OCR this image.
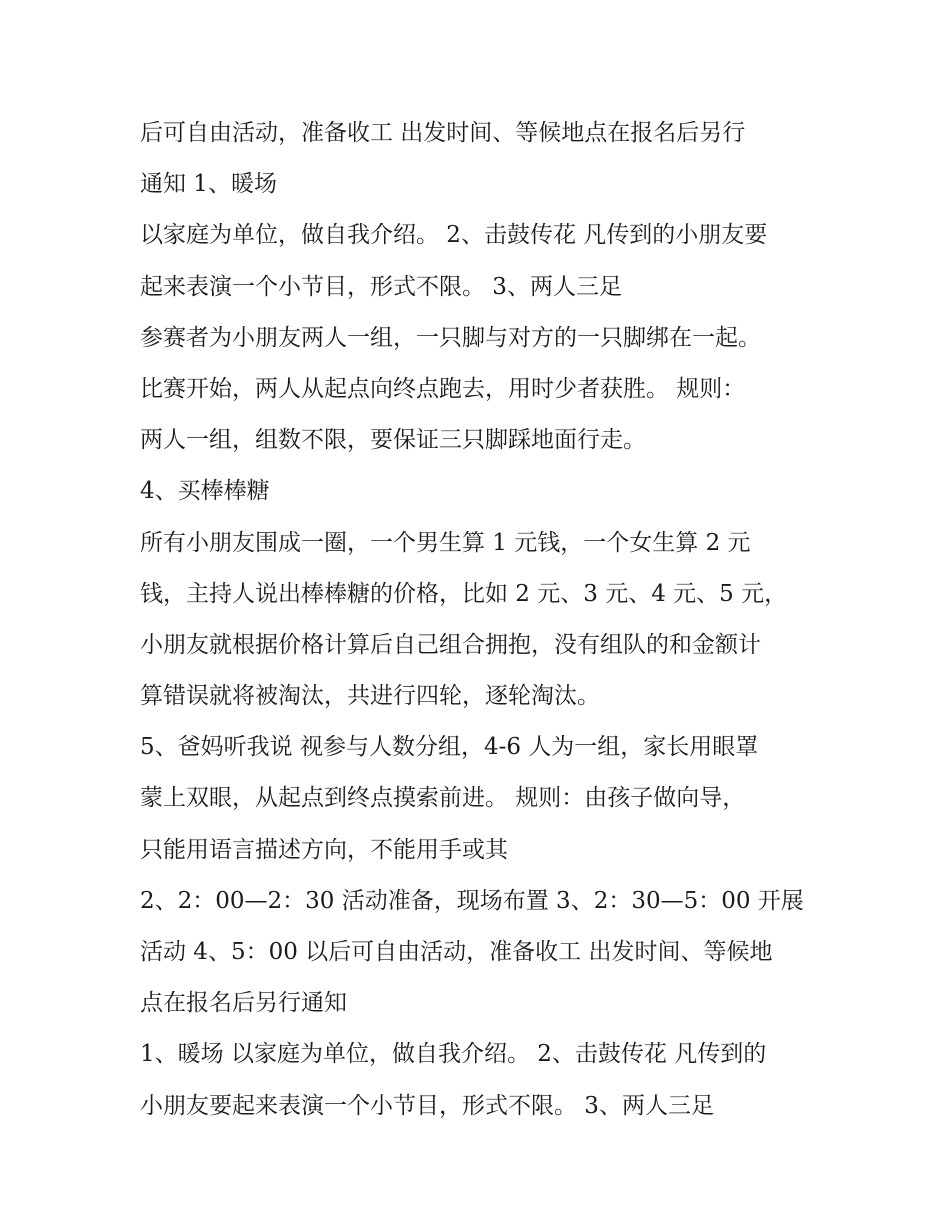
后可自由活动，准备收工 出发时间、等候地点在报名后另行
通知 1、暖场
以家庭为单位，做自我介绍。 2、击鼓传花 凡传到的小朋友要
起来表演一个小节目，形式不限。 3、两人三足
参赛者为小朋友两人一组，一只脚与对方的一只脚绑在一起。
比赛开始，两人从起点向终点跑去，用时少者获胜。 规则：
两人一组，组数不限，要保证三只脚踩地面行走。
4、买棒棒糖
所有小朋友围成一圈，一个男生算 1 元钱，一个女生算 2 元
钱，主持人说出棒棒糖的价格，比如 2 元、3 元、4 元、5 元，
小朋友就根据价格计算后自己组合拥抱，没有组队的和金额计
算错误就将被淘汰，共进行四轮，逐轮淘汰。
5、爸妈听我说 视参与人数分组，4-6 人为一组，家长用眼罩
蒙上双眼，从起点到终点摸索前进。 规则：由孩子做向导，
只能用语言描述方向，不能用手或其
2、2：00—2：30 活动准备，现场布置 3、2：30—5：00 开展
活动 4、5：00 以后可自由活动，准备收工 出发时间、等候地
点在报名后另行通知
1、暖场 以家庭为单位，做自我介绍。 2、击鼓传花 凡传到的
小朋友要起来表演一个小节目，形式不限。 3、两人三足
